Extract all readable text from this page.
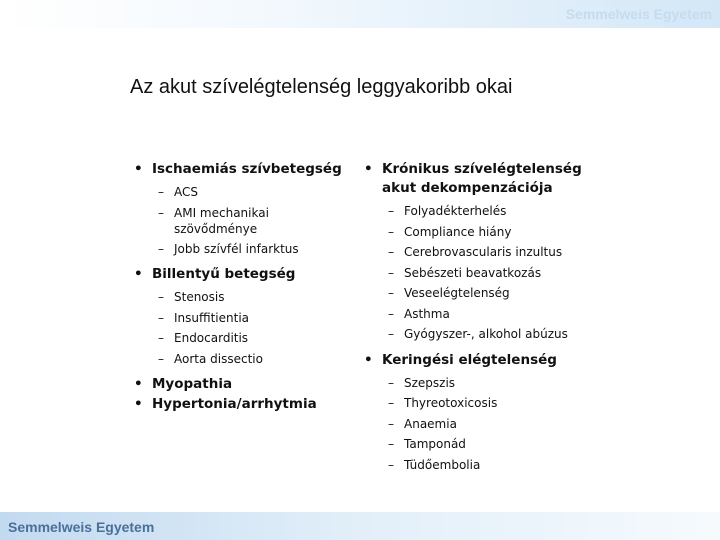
Semmelweis Egyetem
Az akut szívelégtelenség leggyakoribb okai
• Ischaemiás szívbetegség
– ACS
– AMI mechanikai szövődménye
– Jobb szívfél infarktus
• Billentyű betegség
– Stenosis
– Insuffitientia
– Endocarditis
– Aorta dissectio
• Myopathia
• Hypertonia/arrhytmia
• Krónikus szívelégtelenség akut dekompenzációja
– Folyadékterhelés
– Compliance hiány
– Cerebrovascularis inzultus
– Sebészeti beavatkozás
– Veseelégtelenség
– Asthma
– Gyógyszer-, alkohol abúzus
• Keringési elégtelenség
– Szepszis
– Thyreotoxicosis
– Anaemia
– Tamponád
– Tüdőembolia
Semmelweis Egyetem
